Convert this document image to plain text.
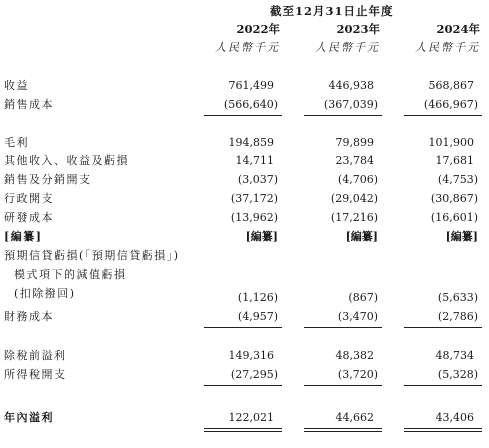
截至12月31日止年度
2022年	2023年	2024年
人民幣千元	人民幣千元	人民幣千元
收益	761,499	446,938	568,867
銷售成本	(566,640)	(367,039)	(466,967)
毛利	194,859	79,899	101,900
其他收入、收益及虧損	14,711	23,784	17,681
銷售及分銷開支	(3,037)	(4,706)	(4,753)
行政開支	(37,172)	(29,042)	(30,867)
研發成本	(13,962)	(17,216)	(16,601)
[編纂]	[編纂]	[編纂]	[編纂]
預期信貸虧損(「預期信貸虧損」)
模式項下的減值虧損
(扣除撥回)	(1,126)	(867)	(5,633)
財務成本	(4,957)	(3,470)	(2,786)
除稅前溢利	149,316	48,382	48,734
所得稅開支	(27,295)	(3,720)	(5,328)
年內溢利	122,021	44,662	43,406
